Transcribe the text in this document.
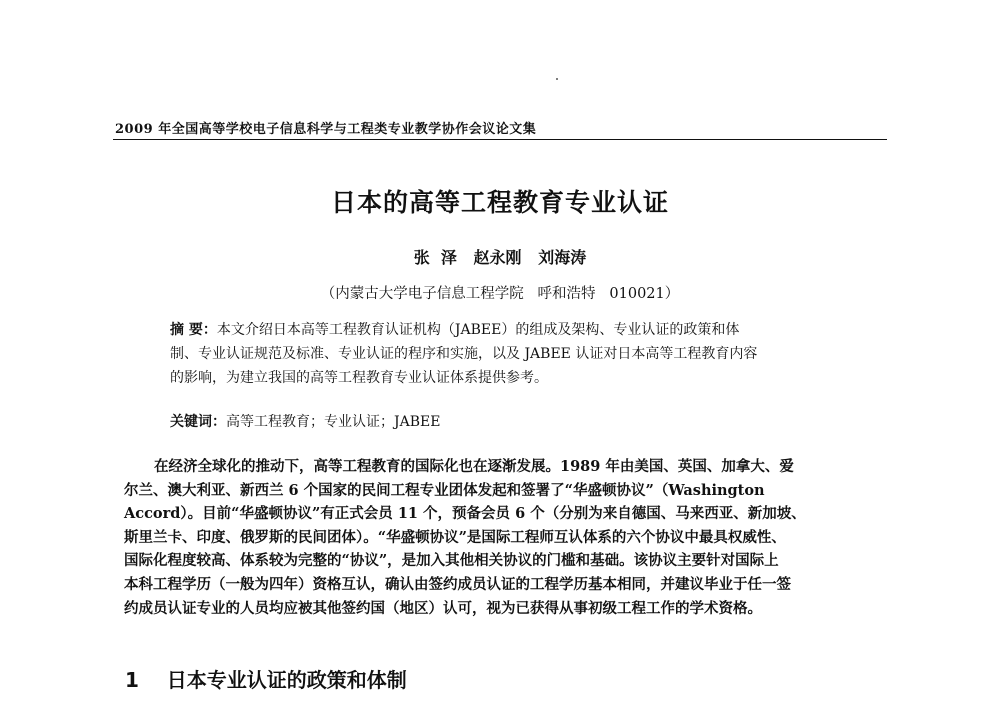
2009 年全国高等学校电子信息科学与工程类专业教学协作会议论文集
日本的高等工程教育专业认证
张  泽   赵永刚   刘海涛
（内蒙古大学电子信息工程学院   呼和浩特   010021）
摘 要：本文介绍日本高等工程教育认证机构（JABEE）的组成及架构、专业认证的政策和体
制、专业认证规范及标准、专业认证的程序和实施，以及 JABEE 认证对日本高等工程教育内容
的影响，为建立我国的高等工程教育专业认证体系提供参考。
关键词：高等工程教育；专业认证；JABEE
在经济全球化的推动下，高等工程教育的国际化也在逐渐发展。1989 年由美国、英国、加拿大、爱
尔兰、澳大利亚、新西兰 6 个国家的民间工程专业团体发起和签署了“华盛顿协议”（Washington
Accord）。目前“华盛顿协议”有正式会员 11 个，预备会员 6 个（分别为来自德国、马来西亚、新加坡、
斯里兰卡、印度、俄罗斯的民间团体）。“华盛顿协议”是国际工程师互认体系的六个协议中最具权威性、
国际化程度较高、体系较为完整的“协议”，是加入其他相关协议的门槛和基础。该协议主要针对国际上
本科工程学历（一般为四年）资格互认，确认由签约成员认证的工程学历基本相同，并建议毕业于任一签
约成员认证专业的人员均应被其他签约国（地区）认可，视为已获得从事初级工程工作的学术资格。
1 日本专业认证的政策和体制
